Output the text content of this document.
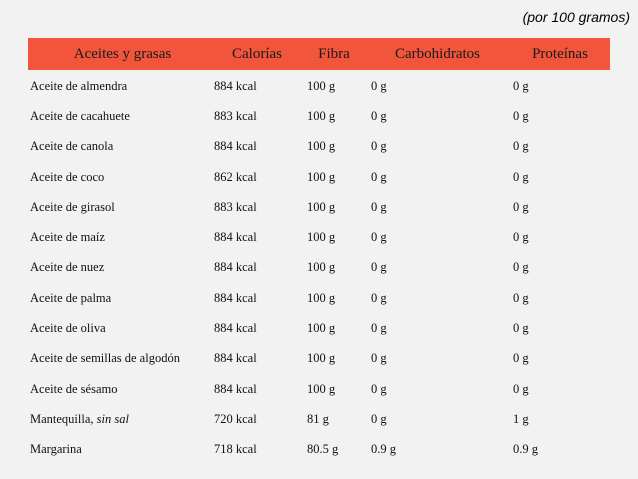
(por 100 gramos)
Aceites y grasas	Calorías	Fibra	Carbohidratos	Proteínas
Aceite de almendra	884 kcal	100 g	0 g	0 g
Aceite de cacahuete	883 kcal	100 g	0 g	0 g
Aceite de canola	884 kcal	100 g	0 g	0 g
Aceite de coco	862 kcal	100 g	0 g	0 g
Aceite de girasol	883 kcal	100 g	0 g	0 g
Aceite de maíz	884 kcal	100 g	0 g	0 g
Aceite de nuez	884 kcal	100 g	0 g	0 g
Aceite de palma	884 kcal	100 g	0 g	0 g
Aceite de oliva	884 kcal	100 g	0 g	0 g
Aceite de semillas de algodón	884 kcal	100 g	0 g	0 g
Aceite de sésamo	884 kcal	100 g	0 g	0 g
Mantequilla, sin sal	720 kcal	81 g	0 g	1 g
Margarina	718 kcal	80.5 g	0.9 g	0.9 g
